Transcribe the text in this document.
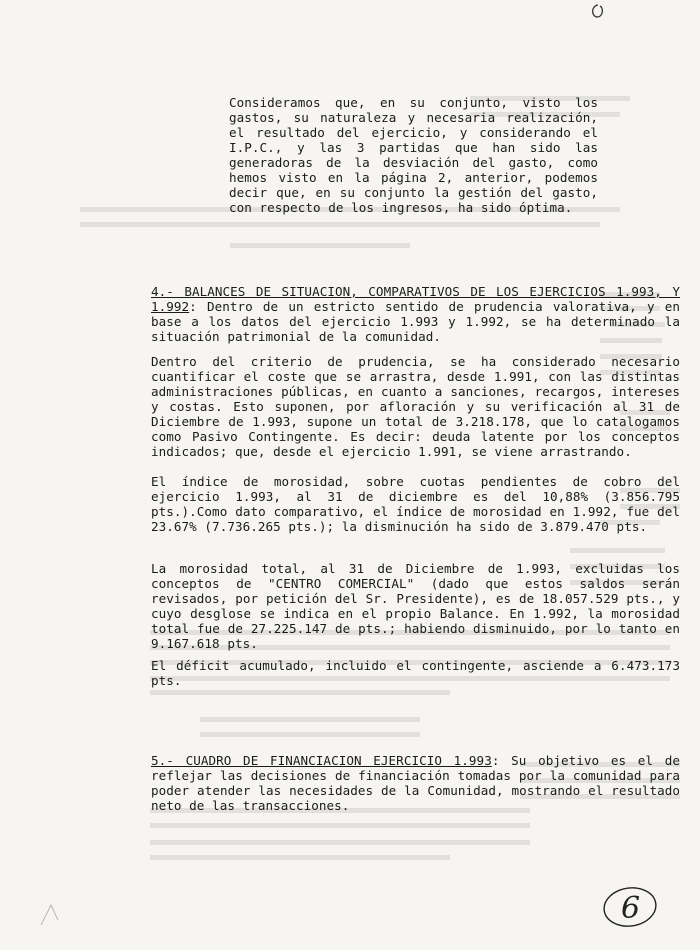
Consideramos que, en su conjunto, visto los gastos, su naturaleza y necesaria realización, el resultado del ejercicio, y considerando el I.P.C., y las 3 partidas que han sido las generadoras de la desviación del gasto, como hemos visto en la página 2, anterior, podemos decir que, en su conjunto la gestión del gasto, con respecto de los ingresos, ha sido óptima.

4.- BALANCES DE SITUACION, COMPARATIVOS DE LOS EJERCICIOS 1.993, Y 1.992: Dentro de un estricto sentido de prudencia valorativa, y en base a los datos del ejercicio 1.993 y 1.992, se ha determinado la situación patrimonial de la comunidad.

Dentro del criterio de prudencia, se ha considerado necesario cuantificar el coste que se arrastra, desde 1.991, con las distintas administraciones públicas, en cuanto a sanciones, recargos, intereses y costas. Esto suponen, por afloración y su verificación al 31 de Diciembre de 1.993, supone un total de 3.218.178, que lo catalogamos como Pasivo Contingente. Es decir: deuda latente por los conceptos indicados; que, desde el ejercicio 1.991, se viene arrastrando.

El índice de morosidad, sobre cuotas pendientes de cobro del ejercicio 1.993, al 31 de diciembre es del 10,88% (3.856.795 pts.).Como dato comparativo, el índice de morosidad en 1.992, fue del 23.67% (7.736.265 pts.); la disminución ha sido de 3.879.470 pts.

La morosidad total, al 31 de Diciembre de 1.993, excluidas los conceptos de "CENTRO COMERCIAL" (dado que estos saldos serán revisados, por petición del Sr. Presidente), es de 18.057.529 pts., y cuyo desglose se indica en el propio Balance. En 1.992, la morosidad total fue de 27.225.147 de pts.; habiendo disminuido, por lo tanto en 9.167.618 pts.

El déficit acumulado, incluido el contingente, asciende a 6.473.173 pts.

5.- CUADRO DE FINANCIACION EJERCICIO 1.993: Su objetivo es el de reflejar las decisiones de financiación tomadas por la comunidad para poder atender las necesidades de la Comunidad, mostrando el resultado neto de las transacciones.

6
